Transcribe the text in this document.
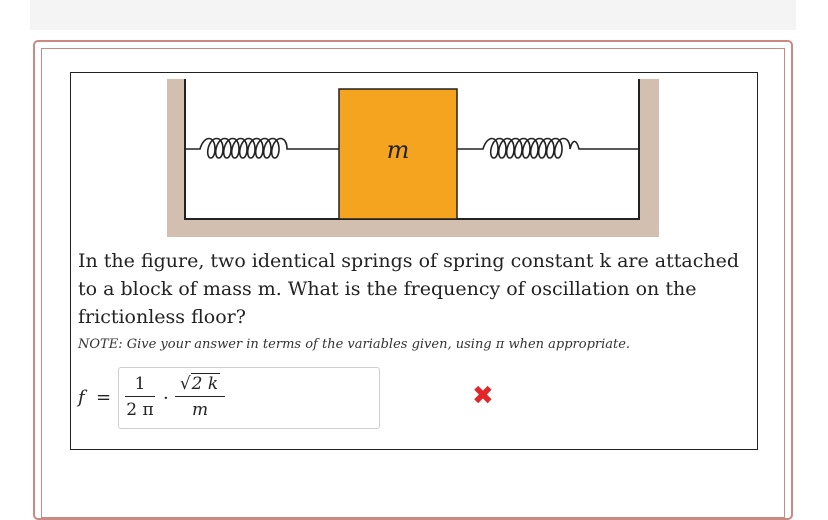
m
In the figure, two identical springs of spring constant k are attached to a block of mass m. What is the frequency of oscillation on the frictionless floor?
NOTE: Give your answer in terms of the variables given, using π when appropriate.
f =
1
2 π
·
√2 k
m	✖
